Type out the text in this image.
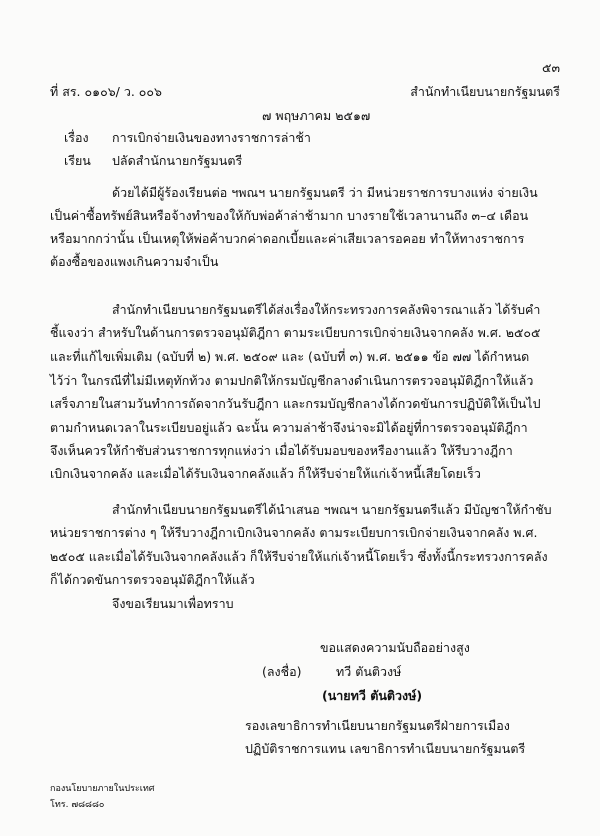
๕๓
ที่ สร. ๐๑๐๖/ ว. ๐๐๖	สำนักทำเนียบนายกรัฐมนตรี
๗ พฤษภาคม ๒๕๑๗
เรื่อง การเบิกจ่ายเงินของทางราชการล่าช้า
เรียน ปลัดสำนักนายกรัฐมนตรี
ด้วยได้มีผู้ร้องเรียนต่อ ฯพณฯ นายกรัฐมนตรี ว่า มีหน่วยราชการบางแห่ง จ่ายเงิน
เป็นค่าซื้อทรัพย์สินหรือจ้างทำของให้กับพ่อค้าล่าช้ามาก บางรายใช้เวลานานถึง ๓–๔ เดือน
หรือมากกว่านั้น เป็นเหตุให้พ่อค้าบวกค่าดอกเบี้ยและค่าเสียเวลารอคอย ทำให้ทางราชการ
ต้องซื้อของแพงเกินความจำเป็น
สำนักทำเนียบนายกรัฐมนตรีได้ส่งเรื่องให้กระทรวงการคลังพิจารณาแล้ว ได้รับคำ
ชี้แจงว่า สำหรับในด้านการตรวจอนุมัติฎีกา ตามระเบียบการเบิกจ่ายเงินจากคลัง พ.ศ. ๒๕๐๕
และที่แก้ไขเพิ่มเติม (ฉบับที่ ๒) พ.ศ. ๒๕๐๙ และ (ฉบับที่ ๓) พ.ศ. ๒๕๑๑ ข้อ ๗๗ ได้กำหนด
ไว้ว่า ในกรณีที่ไม่มีเหตุทักท้วง ตามปกติให้กรมบัญชีกลางดำเนินการตรวจอนุมัติฎีกาให้แล้ว
เสร็จภายในสามวันทำการถัดจากวันรับฎีกา และกรมบัญชีกลางได้กวดขันการปฏิบัติให้เป็นไป
ตามกำหนดเวลาในระเบียบอยู่แล้ว ฉะนั้น ความล่าช้าจึงน่าจะมิได้อยู่ที่การตรวจอนุมัติฎีกา
จึงเห็นควรให้กำชับส่วนราชการทุกแห่งว่า เมื่อได้รับมอบของหรืองานแล้ว ให้รีบวางฎีกา
เบิกเงินจากคลัง และเมื่อได้รับเงินจากคลังแล้ว ก็ให้รีบจ่ายให้แก่เจ้าหนี้เสียโดยเร็ว
สำนักทำเนียบนายกรัฐมนตรีได้นำเสนอ ฯพณฯ นายกรัฐมนตรีแล้ว มีบัญชาให้กำชับ
หน่วยราชการต่าง ๆ ให้รีบวางฎีกาเบิกเงินจากคลัง ตามระเบียบการเบิกจ่ายเงินจากคลัง พ.ศ.
๒๕๐๕ และเมื่อได้รับเงินจากคลังแล้ว ก็ให้รีบจ่ายให้แก่เจ้าหนี้โดยเร็ว ซึ่งทั้งนี้กระทรวงการคลัง
ก็ได้กวดขันการตรวจอนุมัติฎีกาให้แล้ว
จึงขอเรียนมาเพื่อทราบ
ขอแสดงความนับถืออย่างสูง
(ลงชื่อ)	ทวี ตันติวงษ์
(นายทวี ตันติวงษ์)
รองเลขาธิการทำเนียบนายกรัฐมนตรีฝ่ายการเมือง
ปฏิบัติราชการแทน เลขาธิการทำเนียบนายกรัฐมนตรี
กองนโยบายภายในประเทศ
โทร. ๗๘๘๘๐
